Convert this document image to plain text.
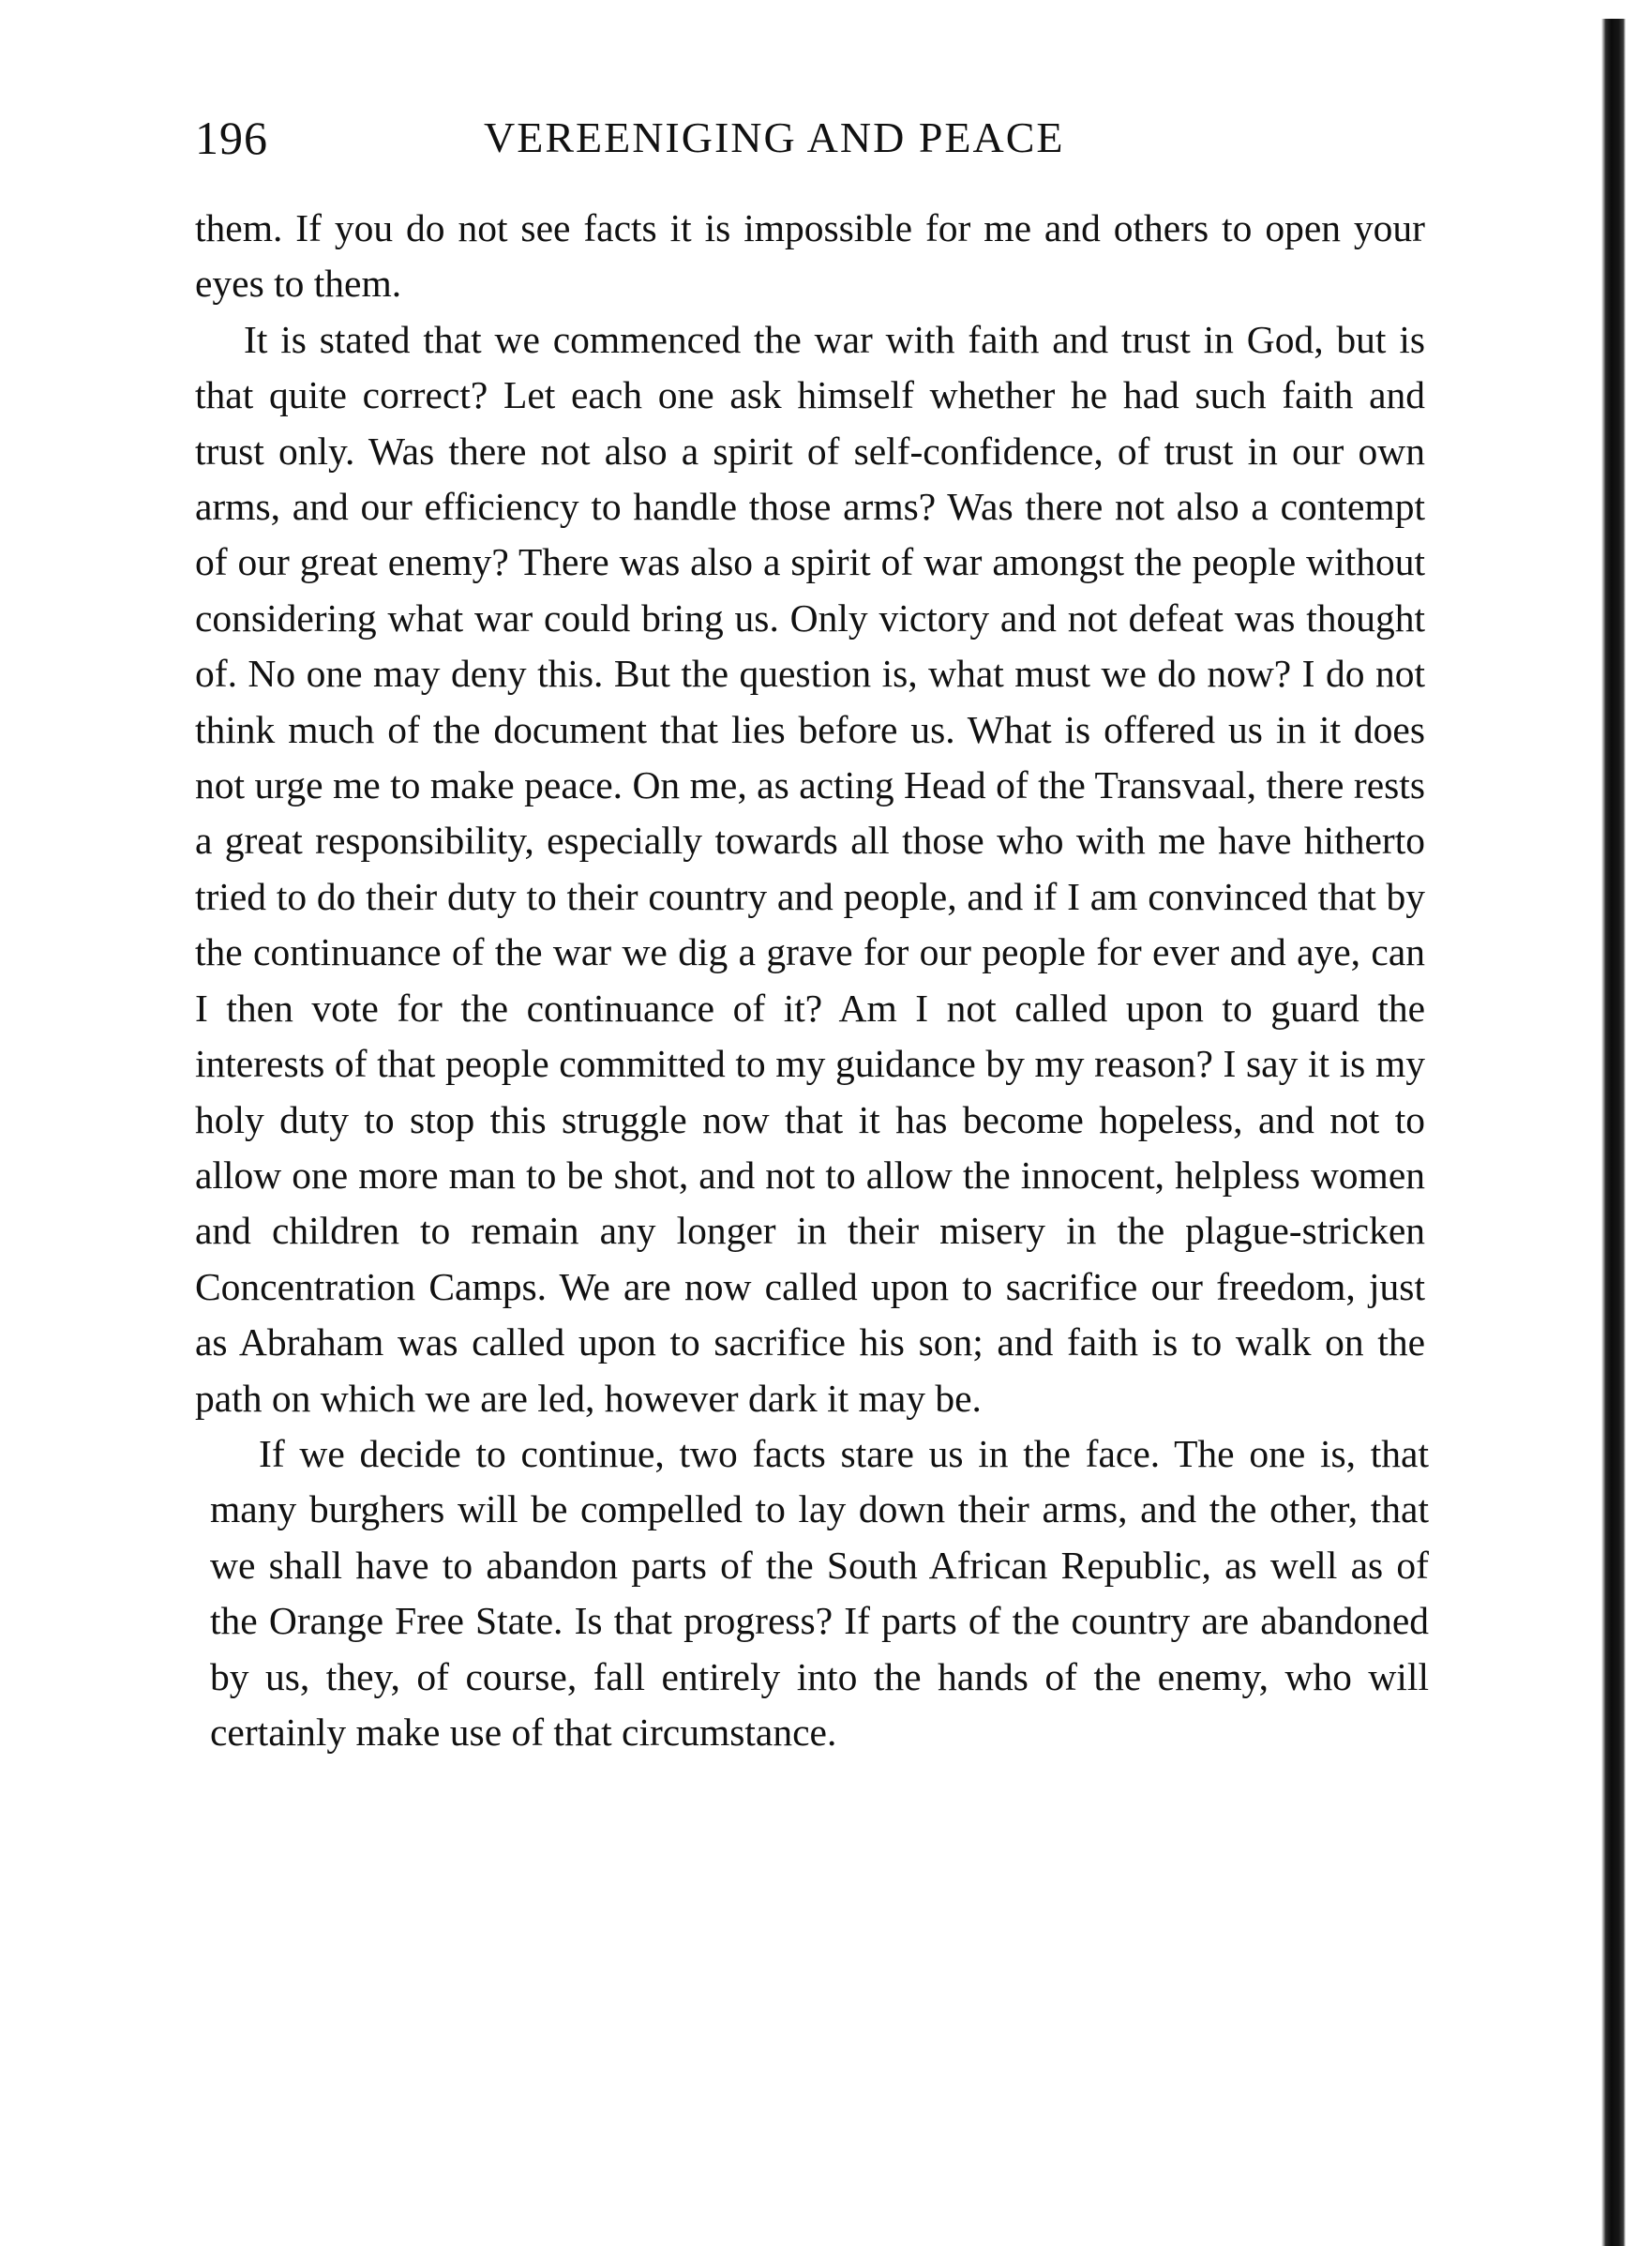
196	VEREENIGING AND PEACE

them. If you do not see facts it is impossible for me and others to open your eyes to them.

It is stated that we commenced the war with faith and trust in God, but is that quite correct? Let each one ask himself whether he had such faith and trust only. Was there not also a spirit of self-confidence, of trust in our own arms, and our efficiency to handle those arms? Was there not also a contempt of our great enemy? There was also a spirit of war amongst the people without considering what war could bring us. Only victory and not defeat was thought of. No one may deny this. But the question is, what must we do now? I do not think much of the document that lies before us. What is offered us in it does not urge me to make peace. On me, as acting Head of the Transvaal, there rests a great responsibility, especially towards all those who with me have hitherto tried to do their duty to their country and people, and if I am convinced that by the continuance of the war we dig a grave for our people for ever and aye, can I then vote for the continuance of it? Am I not called upon to guard the interests of that people committed to my guidance by my reason? I say it is my holy duty to stop this struggle now that it has become hopeless, and not to allow one more man to be shot, and not to allow the innocent, helpless women and children to remain any longer in their misery in the plague-stricken Concentration Camps. We are now called upon to sacrifice our freedom, just as Abraham was called upon to sacrifice his son; and faith is to walk on the path on which we are led, however dark it may be.

If we decide to continue, two facts stare us in the face. The one is, that many burghers will be compelled to lay down their arms, and the other, that we shall have to abandon parts of the South African Republic, as well as of the Orange Free State. Is that progress? If parts of the country are abandoned by us, they, of course, fall entirely into the hands of the enemy, who will certainly make use of that circumstance.
